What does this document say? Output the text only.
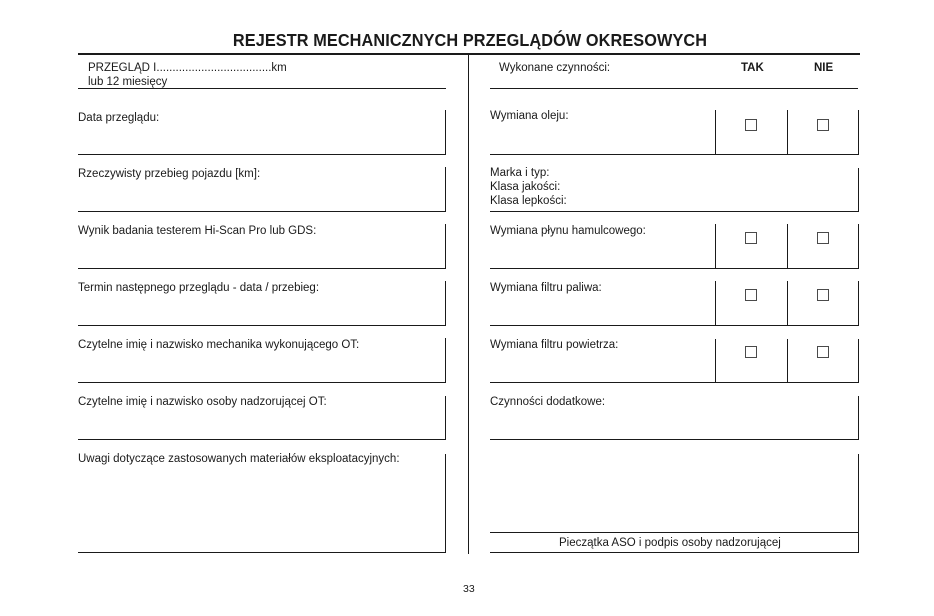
REJESTR MECHANICZNYCH PRZEGLĄDÓW OKRESOWYCH
PRZEGLĄD I....................................km
lub 12 miesięcy
Data przeglądu:
Rzeczywisty przebieg pojazdu [km]:
Wynik badania testerem Hi-Scan Pro lub GDS:
Termin następnego przeglądu - data / przebieg:
Czytelne imię i nazwisko mechanika wykonującego OT:
Czytelne imię i nazwisko osoby nadzorującej OT:
Uwagi dotyczące zastosowanych materiałów eksploatacyjnych:
Wykonane czynności:	TAK	NIE
Wymiana oleju:
Marka i typ:
Klasa jakości:
Klasa lepkości:
Wymiana płynu hamulcowego:
Wymiana filtru paliwa:
Wymiana filtru powietrza:
Czynności dodatkowe:
Pieczątka ASO i podpis osoby nadzorującej
33
